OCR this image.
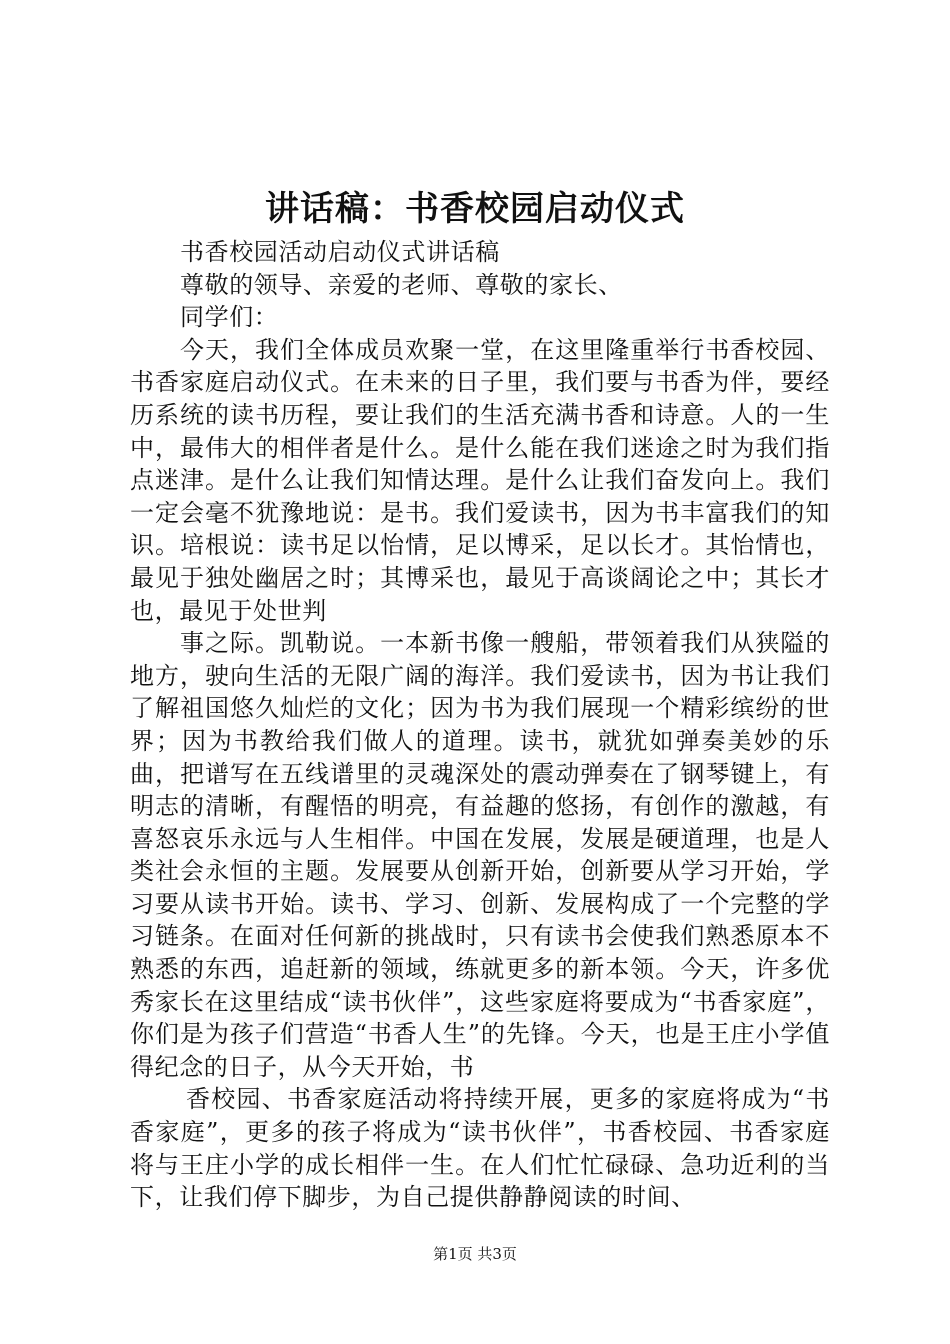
讲话稿：书香校园启动仪式

书香校园活动启动仪式讲话稿

尊敬的领导、亲爱的老师、尊敬的家长、

同学们：

今天，我们全体成员欢聚一堂，在这里隆重举行书香校园、书香家庭启动仪式。在未来的日子里，我们要与书香为伴，要经历系统的读书历程，要让我们的生活充满书香和诗意。人的一生中，最伟大的相伴者是什么。是什么能在我们迷途之时为我们指点迷津。是什么让我们知情达理。是什么让我们奋发向上。我们一定会毫不犹豫地说：是书。我们爱读书，因为书丰富我们的知识。培根说：读书足以怡情，足以博采，足以长才。其怡情也，最见于独处幽居之时；其博采也，最见于高谈阔论之中；其长才也，最见于处世判

事之际。凯勒说。一本新书像一艘船，带领着我们从狭隘的地方，驶向生活的无限广阔的海洋。我们爱读书，因为书让我们了解祖国悠久灿烂的文化；因为书为我们展现一个精彩缤纷的世界；因为书教给我们做人的道理。读书，就犹如弹奏美妙的乐曲，把谱写在五线谱里的灵魂深处的震动弹奏在了钢琴键上，有明志的清晰，有醒悟的明亮，有益趣的悠扬，有创作的激越，有喜怒哀乐永远与人生相伴。中国在发展，发展是硬道理，也是人类社会永恒的主题。发展要从创新开始，创新要从学习开始，学习要从读书开始。读书、学习、创新、发展构成了一个完整的学习链条。在面对任何新的挑战时，只有读书会使我们熟悉原本不熟悉的东西，追赶新的领域，练就更多的新本领。今天，许多优秀家长在这里结成“读书伙伴”，这些家庭将要成为“书香家庭”，你们是为孩子们营造“书香人生”的先锋。今天，也是王庄小学值得纪念的日子，从今天开始，书

香校园、书香家庭活动将持续开展，更多的家庭将成为“书香家庭”，更多的孩子将成为“读书伙伴”，书香校园、书香家庭将与王庄小学的成长相伴一生。在人们忙忙碌碌、急功近利的当下，让我们停下脚步，为自己提供静静阅读的时间、

第1页 共3页
